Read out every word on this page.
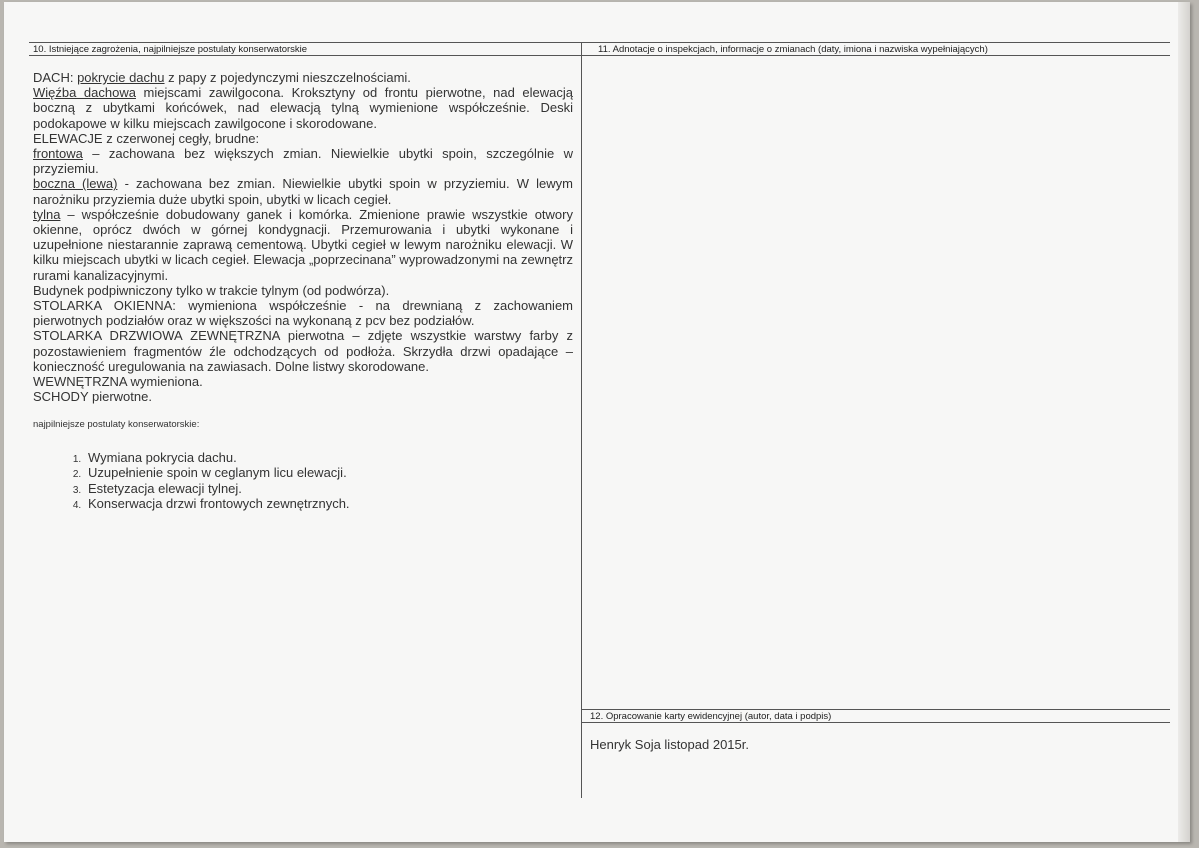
10. Istniejące zagrożenia, najpilniejsze postulaty konserwatorskie	11. Adnotacje o inspekcjach, informacje o zmianach (daty, imiona i nazwiska wypełniających)
12. Opracowanie karty ewidencyjnej (autor, data i podpis)
DACH: pokrycie dachu z papy z pojedynczymi nieszczelnościami.
Więźba dachowa miejscami zawilgocona. Kroksztyny od frontu pierwotne, nad elewacją boczną z ubytkami końcówek, nad elewacją tylną wymienione współcześnie. Deski podokapowe w kilku miejscach zawilgocone i skorodowane.
ELEWACJE z czerwonej cegły, brudne:
frontowa – zachowana bez większych zmian. Niewielkie ubytki spoin, szczególnie w przyziemiu.
boczna (lewa) - zachowana bez zmian. Niewielkie ubytki spoin w przyziemiu. W lewym narożniku przyziemia duże ubytki spoin, ubytki w licach cegieł.
tylna – współcześnie dobudowany ganek i komórka. Zmienione prawie wszystkie otwory okienne, oprócz dwóch w górnej kondygnacji. Przemurowania i ubytki wykonane i uzupełnione niestarannie zaprawą cementową. Ubytki cegieł w lewym narożniku elewacji. W kilku miejscach ubytki w licach cegieł. Elewacja „poprzecinana” wyprowadzonymi na zewnętrz rurami kanalizacyjnymi.
Budynek podpiwniczony tylko w trakcie tylnym (od podwórza).
STOLARKA OKIENNA: wymieniona współcześnie - na drewnianą z zachowaniem pierwotnych podziałów oraz w większości na wykonaną z pcv bez podziałów.
STOLARKA DRZWIOWA ZEWNĘTRZNA pierwotna – zdjęte wszystkie warstwy farby z pozostawieniem fragmentów źle odchodzących od podłoża. Skrzydła drzwi opadające – konieczność uregulowania na zawiasach. Dolne listwy skorodowane.
WEWNĘTRZNA wymieniona.
SCHODY pierwotne.
najpilniejsze postulaty konserwatorskie:
1. Wymiana pokrycia dachu.
2. Uzupełnienie spoin w ceglanym licu elewacji.
3. Estetyzacja elewacji tylnej.
4. Konserwacja drzwi frontowych zewnętrznych.
Henryk Soja listopad 2015r.
